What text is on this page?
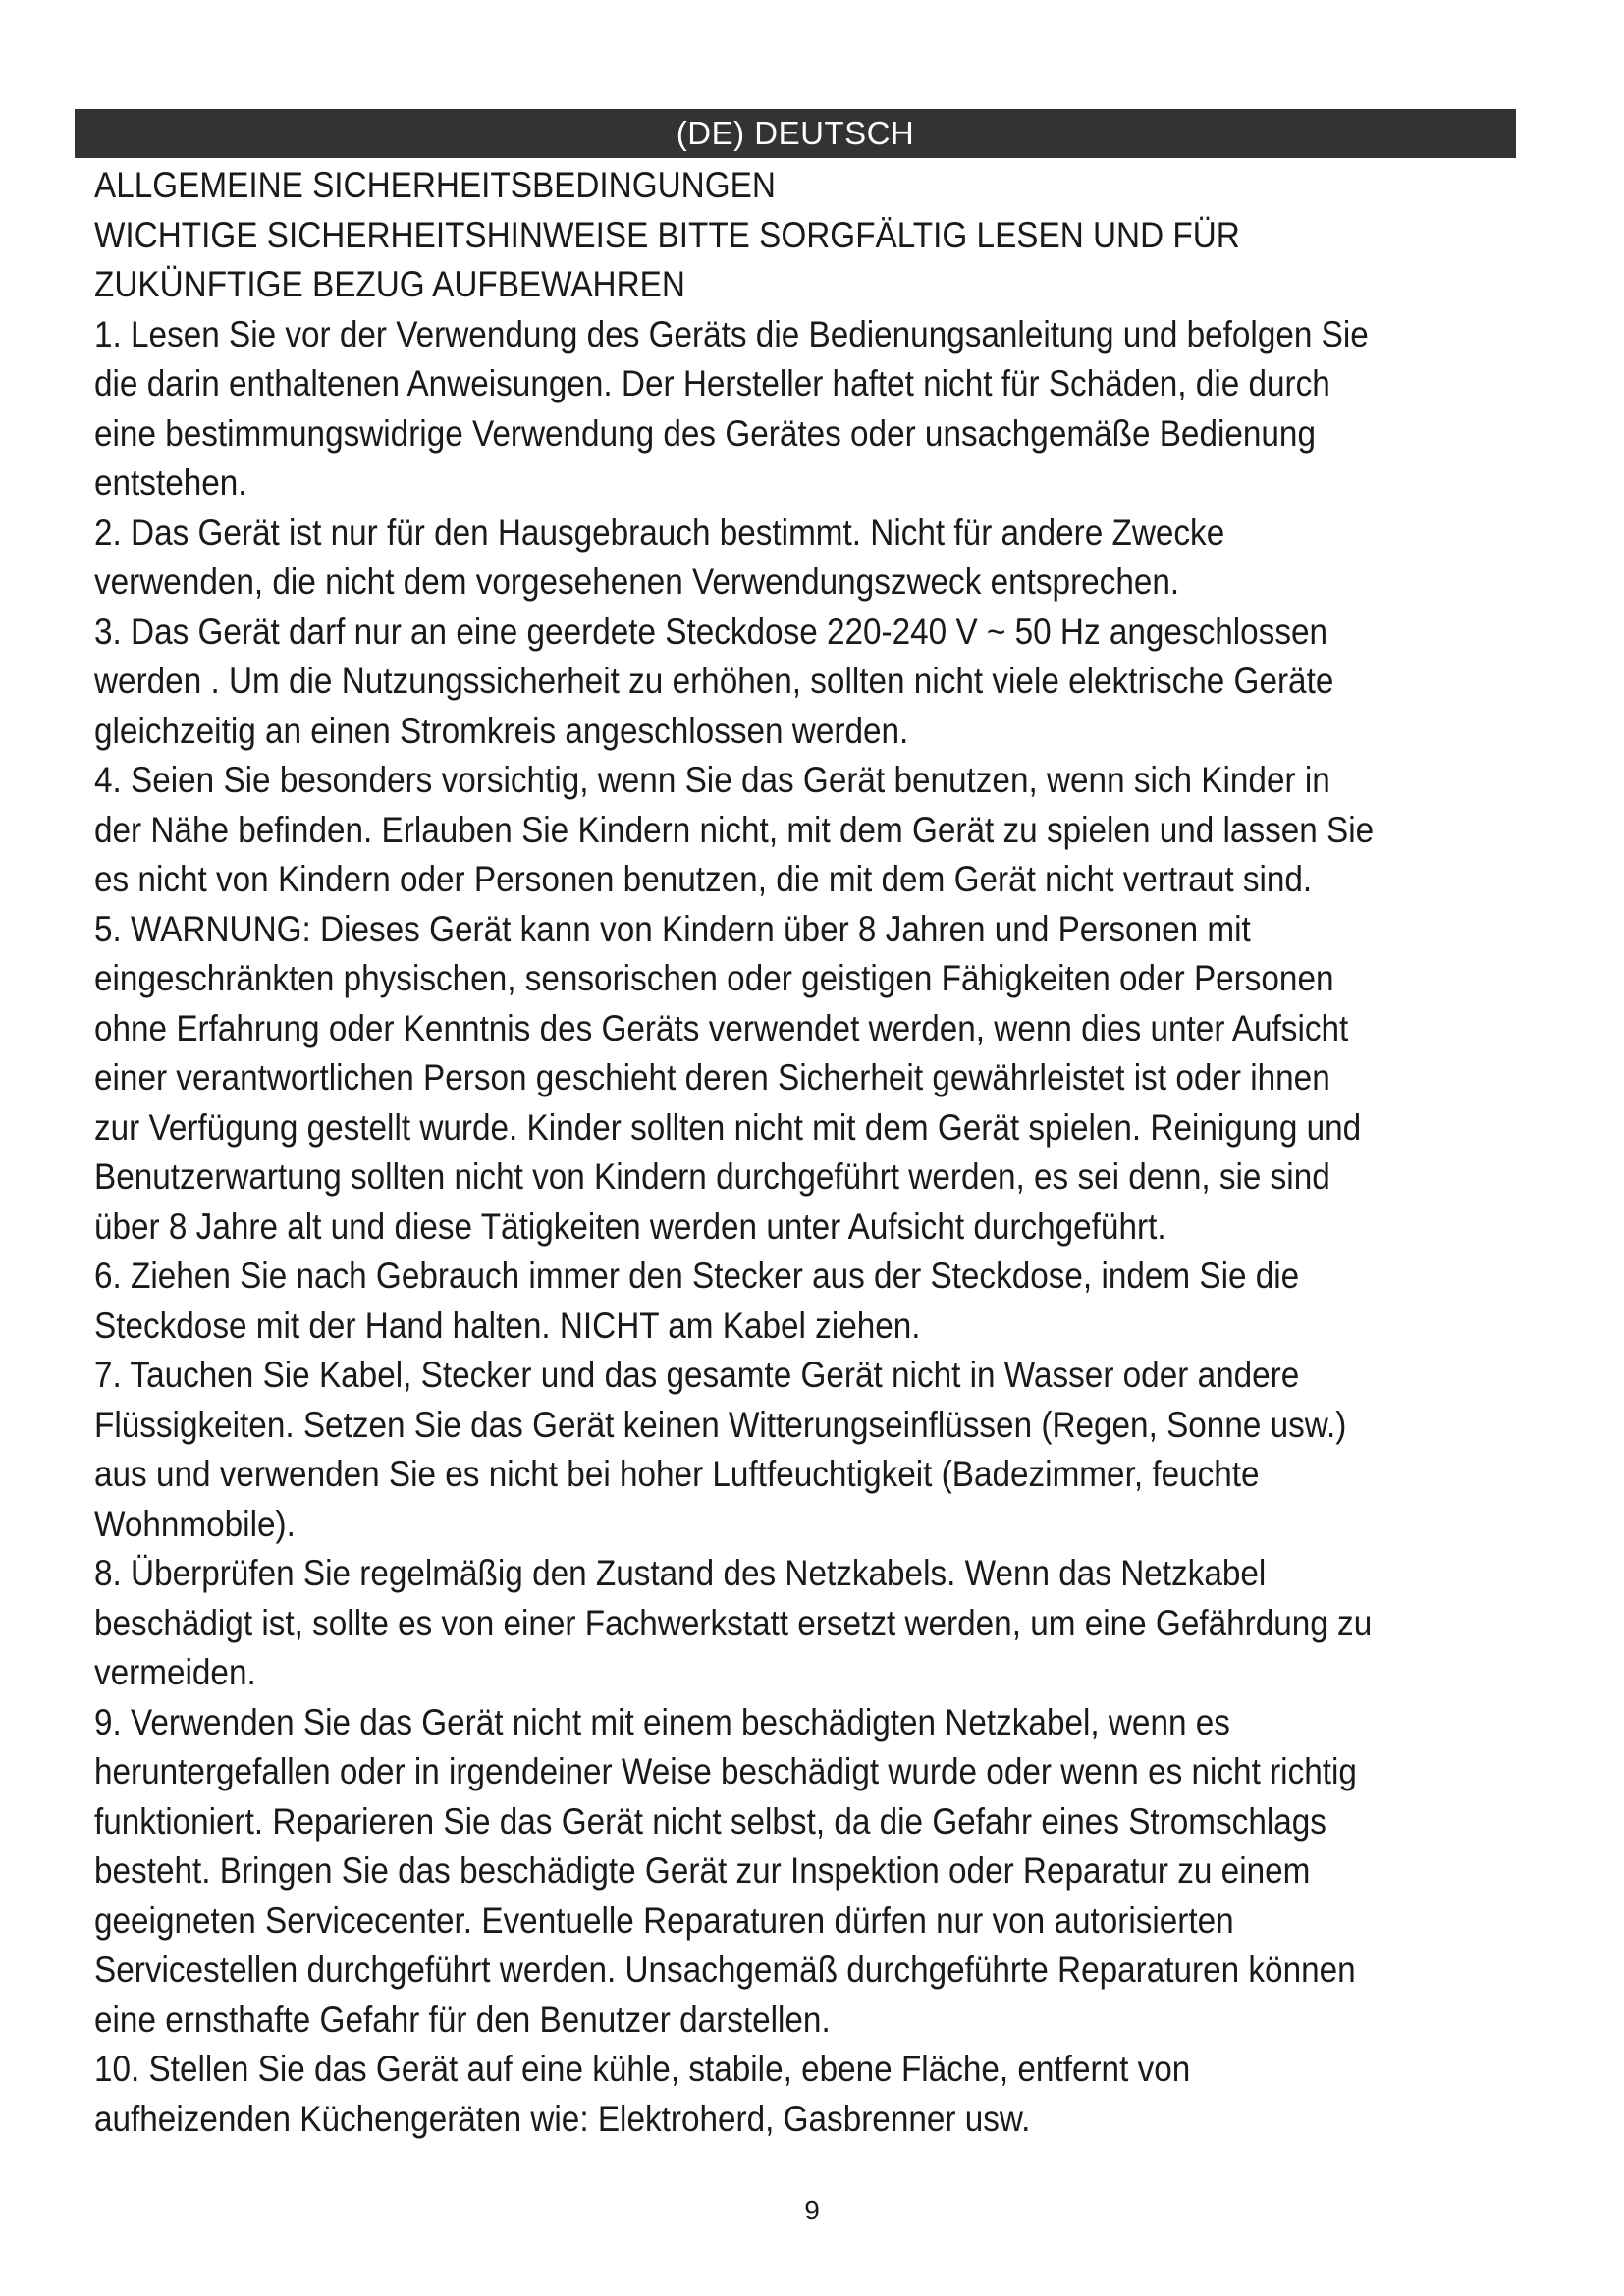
(DE) DEUTSCH
ALLGEMEINE SICHERHEITSBEDINGUNGEN
WICHTIGE SICHERHEITSHINWEISE BITTE SORGFÄLTIG LESEN UND FÜR ZUKÜNFTIGE BEZUG AUFBEWAHREN

1. Lesen Sie vor der Verwendung des Geräts die Bedienungsanleitung und befolgen Sie die darin enthaltenen Anweisungen. Der Hersteller haftet nicht für Schäden, die durch eine bestimmungswidrige Verwendung des Gerätes oder unsachgemäße Bedienung entstehen.

2. Das Gerät ist nur für den Hausgebrauch bestimmt. Nicht für andere Zwecke verwenden, die nicht dem vorgesehenen Verwendungszweck entsprechen.

3. Das Gerät darf nur an eine geerdete Steckdose 220-240 V ~ 50 Hz angeschlossen werden . Um die Nutzungssicherheit zu erhöhen, sollten nicht viele elektrische Geräte gleichzeitig an einen Stromkreis angeschlossen werden.

4. Seien Sie besonders vorsichtig, wenn Sie das Gerät benutzen, wenn sich Kinder in der Nähe befinden. Erlauben Sie Kindern nicht, mit dem Gerät zu spielen und lassen Sie es nicht von Kindern oder Personen benutzen, die mit dem Gerät nicht vertraut sind.

5. WARNUNG: Dieses Gerät kann von Kindern über 8 Jahren und Personen mit eingeschränkten physischen, sensorischen oder geistigen Fähigkeiten oder Personen ohne Erfahrung oder Kenntnis des Geräts verwendet werden, wenn dies unter Aufsicht einer verantwortlichen Person geschieht deren Sicherheit gewährleistet ist oder ihnen zur Verfügung gestellt wurde. Kinder sollten nicht mit dem Gerät spielen. Reinigung und Benutzerwartung sollten nicht von Kindern durchgeführt werden, es sei denn, sie sind über 8 Jahre alt und diese Tätigkeiten werden unter Aufsicht durchgeführt.

6. Ziehen Sie nach Gebrauch immer den Stecker aus der Steckdose, indem Sie die Steckdose mit der Hand halten. NICHT am Kabel ziehen.

7. Tauchen Sie Kabel, Stecker und das gesamte Gerät nicht in Wasser oder andere Flüssigkeiten. Setzen Sie das Gerät keinen Witterungseinflüssen (Regen, Sonne usw.) aus und verwenden Sie es nicht bei hoher Luftfeuchtigkeit (Badezimmer, feuchte Wohnmobile).

8. Überprüfen Sie regelmäßig den Zustand des Netzkabels. Wenn das Netzkabel beschädigt ist, sollte es von einer Fachwerkstatt ersetzt werden, um eine Gefährdung zu vermeiden.

9. Verwenden Sie das Gerät nicht mit einem beschädigten Netzkabel, wenn es heruntergefallen oder in irgendeiner Weise beschädigt wurde oder wenn es nicht richtig funktioniert. Reparieren Sie das Gerät nicht selbst, da die Gefahr eines Stromschlags besteht. Bringen Sie das beschädigte Gerät zur Inspektion oder Reparatur zu einem geeigneten Servicecenter. Eventuelle Reparaturen dürfen nur von autorisierten Servicestellen durchgeführt werden. Unsachgemäß durchgeführte Reparaturen können eine ernsthafte Gefahr für den Benutzer darstellen.

10. Stellen Sie das Gerät auf eine kühle, stabile, ebene Fläche, entfernt von aufheizenden Küchengeräten wie: Elektroherd, Gasbrenner usw.

9
